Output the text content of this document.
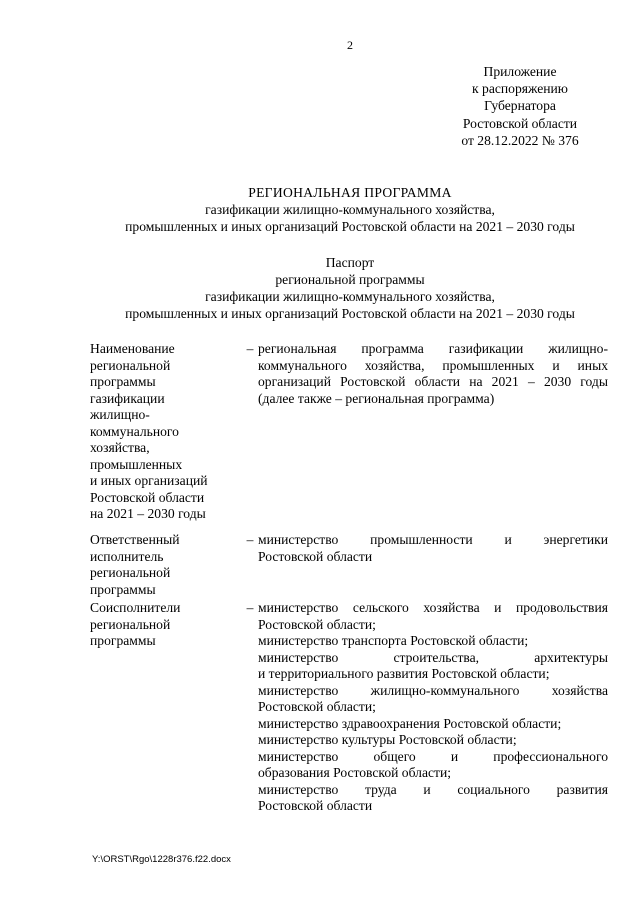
2
Приложение
к распоряжению
Губернатора
Ростовской области
от 28.12.2022 № 376
РЕГИОНАЛЬНАЯ ПРОГРАММА
газификации жилищно-коммунального хозяйства,
промышленных и иных организаций Ростовской области на 2021 – 2030 годы
Паспорт
региональной программы
газификации жилищно-коммунального хозяйства,
промышленных и иных организаций Ростовской области на 2021 – 2030 годы
Наименование
региональной
программы
газификации
жилищно-
коммунального
хозяйства,
промышленных
и иных организаций
Ростовской области
на 2021 – 2030 годы
– региональная программа газификации жилищно-
коммунального хозяйства, промышленных и иных
организаций Ростовской области на 2021 – 2030 годы
(далее также – региональная программа)
Ответственный
исполнитель
региональной
программы
– министерство промышленности и энергетики
Ростовской области
Соисполнители
региональной
программы
– министерство сельского хозяйства и продовольствия
Ростовской области;
министерство транспорта Ростовской области;
министерство строительства, архитектуры
и территориального развития Ростовской области;
министерство жилищно-коммунального хозяйства
Ростовской области;
министерство здравоохранения Ростовской области;
министерство культуры Ростовской области;
министерство общего и профессионального
образования Ростовской области;
министерство труда и социального развития
Ростовской области
Y:\ORST\Rgo\1228r376.f22.docx
